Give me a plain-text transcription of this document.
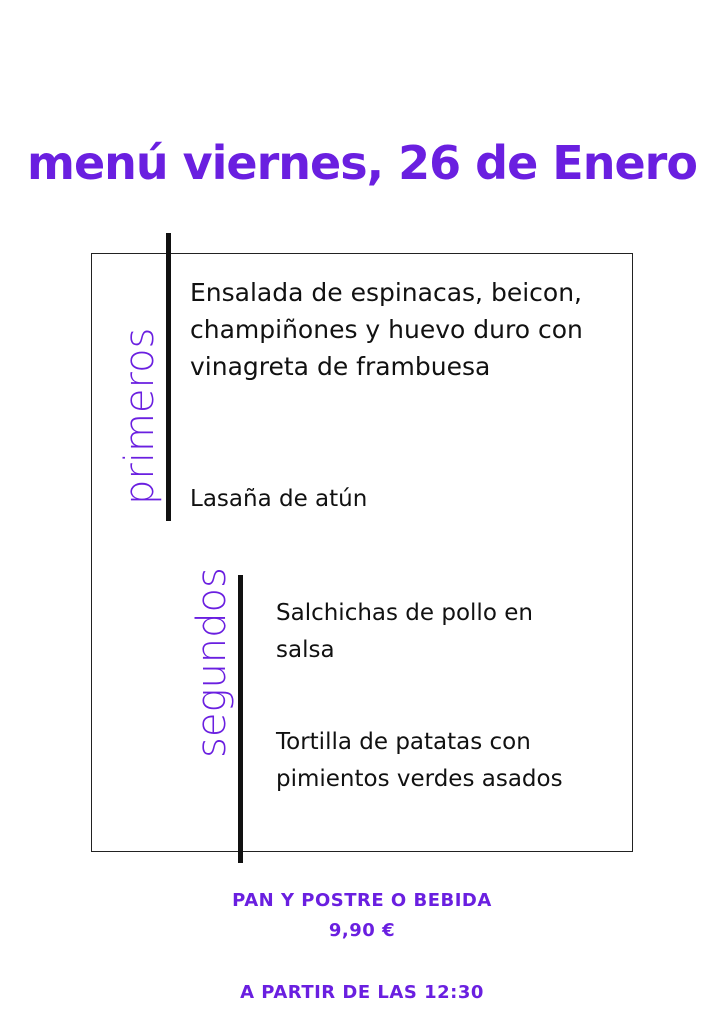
menú viernes, 26 de Enero
primeros
segundos
Ensalada de espinacas, beicon, champiñones y huevo duro con vinagreta de frambuesa
Lasaña de atún
Salchichas de pollo en salsa
Tortilla de patatas con pimientos verdes asados
PAN Y POSTRE O BEBIDA
9,90 €
A PARTIR DE LAS 12:30
